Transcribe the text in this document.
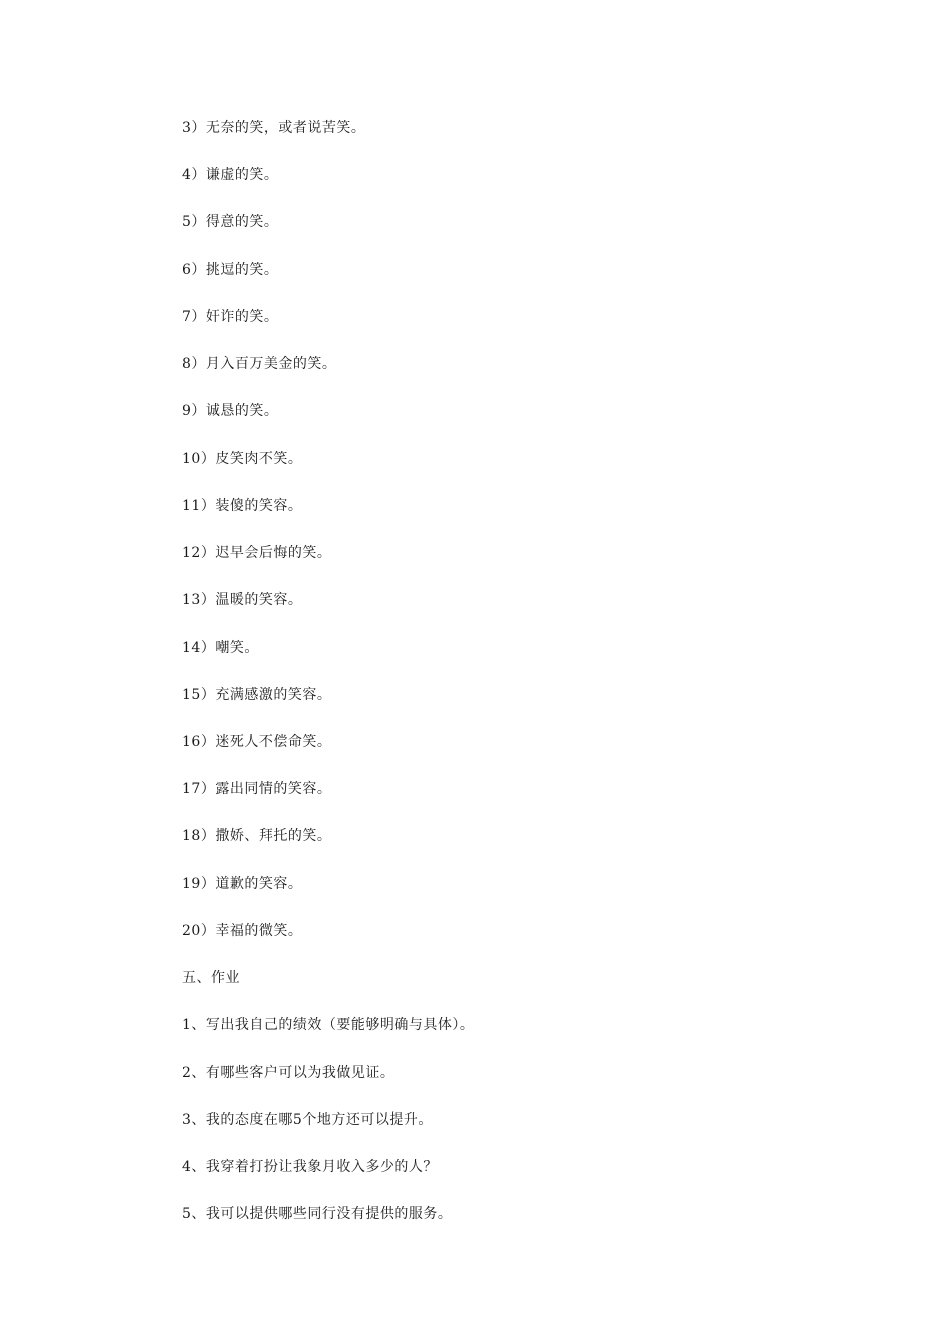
3）无奈的笑，或者说苦笑。
4）谦虚的笑。
5）得意的笑。
6）挑逗的笑。
7）奸诈的笑。
8）月入百万美金的笑。
9）诚恳的笑。
10）皮笑肉不笑。
11）装傻的笑容。
12）迟早会后悔的笑。
13）温暖的笑容。
14）嘲笑。
15）充满感激的笑容。
16）迷死人不偿命笑。
17）露出同情的笑容。
18）撒娇、拜托的笑。
19）道歉的笑容。
20）幸福的微笑。
五、作业
1、写出我自己的绩效（要能够明确与具体）。
2、有哪些客户可以为我做见证。
3、我的态度在哪5个地方还可以提升。
4、我穿着打扮让我象月收入多少的人？
5、我可以提供哪些同行没有提供的服务。
